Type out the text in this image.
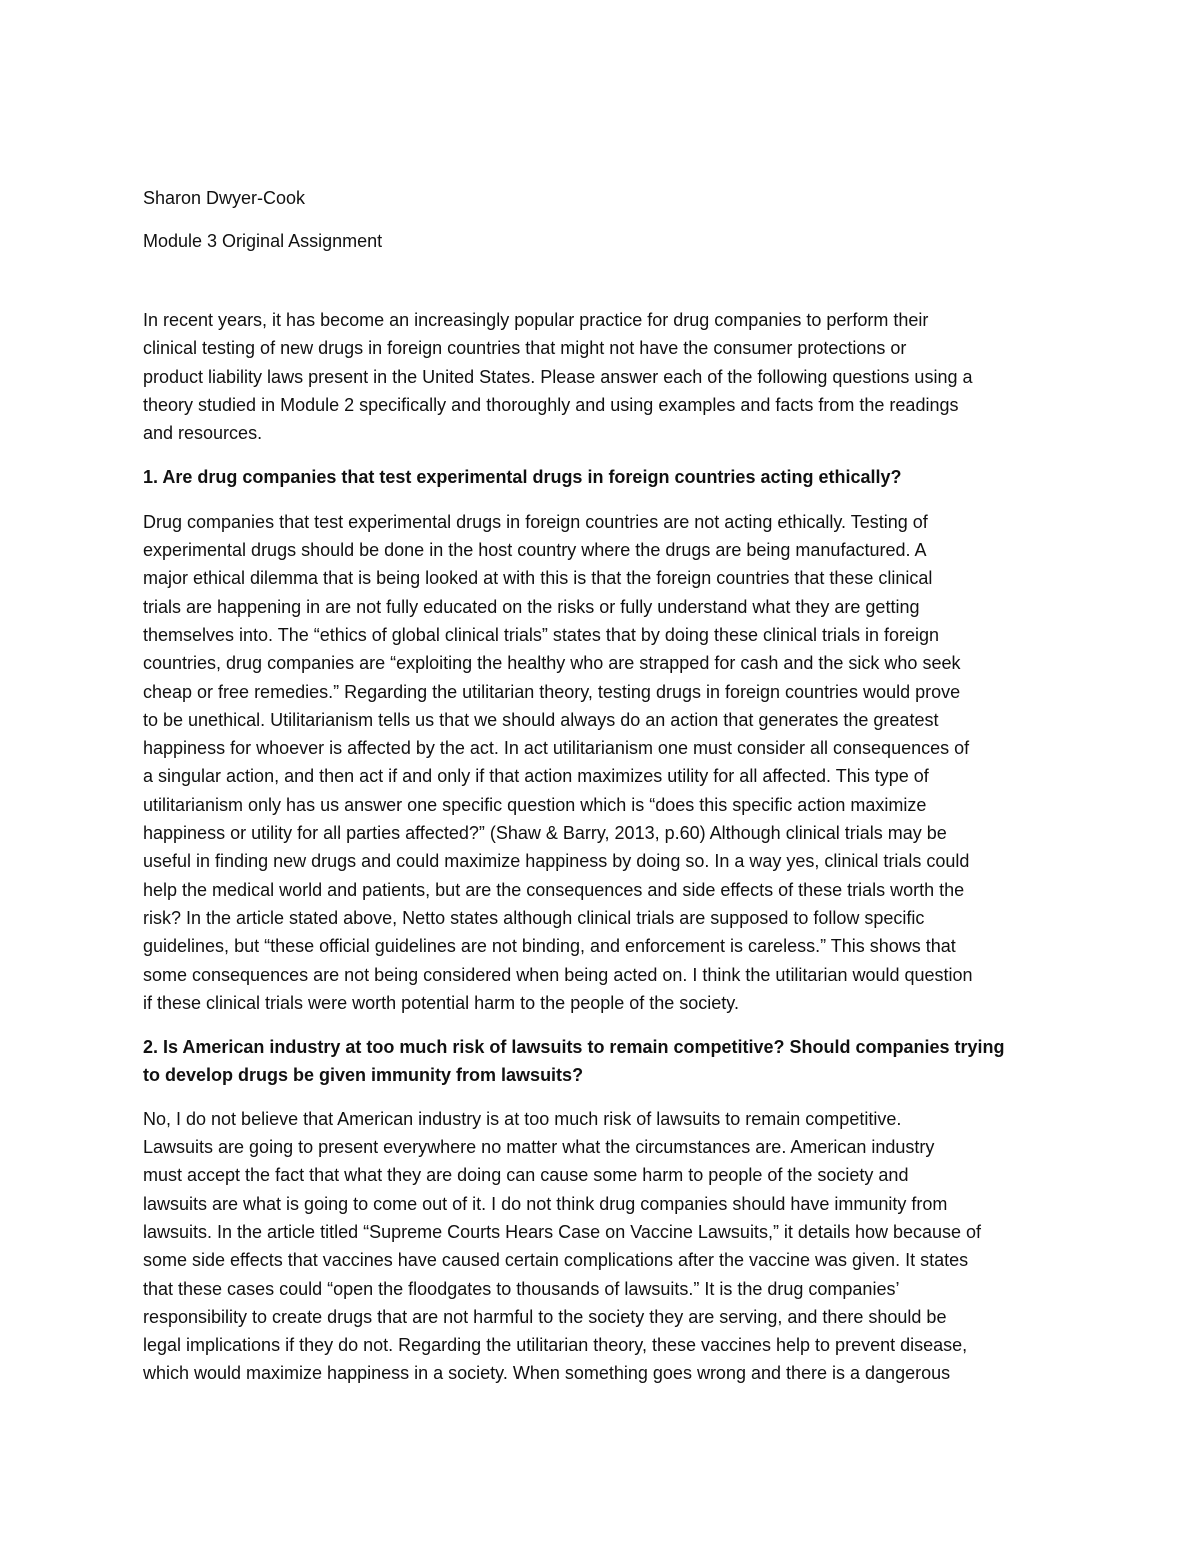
Sharon Dwyer-Cook
Module 3 Original Assignment
In recent years, it has become an increasingly popular practice for drug companies to perform their
clinical testing of new drugs in foreign countries that might not have the consumer protections or
product liability laws present in the United States. Please answer each of the following questions using a
theory studied in Module 2 specifically and thoroughly and using examples and facts from the readings
and resources.
1. Are drug companies that test experimental drugs in foreign countries acting ethically?
Drug companies that test experimental drugs in foreign countries are not acting ethically. Testing of
experimental drugs should be done in the host country where the drugs are being manufactured. A
major ethical dilemma that is being looked at with this is that the foreign countries that these clinical
trials are happening in are not fully educated on the risks or fully understand what they are getting
themselves into. The “ethics of global clinical trials” states that by doing these clinical trials in foreign
countries, drug companies are “exploiting the healthy who are strapped for cash and the sick who seek
cheap or free remedies.” Regarding the utilitarian theory, testing drugs in foreign countries would prove
to be unethical. Utilitarianism tells us that we should always do an action that generates the greatest
happiness for whoever is affected by the act. In act utilitarianism one must consider all consequences of
a singular action, and then act if and only if that action maximizes utility for all affected. This type of
utilitarianism only has us answer one specific question which is “does this specific action maximize
happiness or utility for all parties affected?” (Shaw & Barry, 2013, p.60) Although clinical trials may be
useful in finding new drugs and could maximize happiness by doing so. In a way yes, clinical trials could
help the medical world and patients, but are the consequences and side effects of these trials worth the
risk? In the article stated above, Netto states although clinical trials are supposed to follow specific
guidelines, but “these official guidelines are not binding, and enforcement is careless.” This shows that
some consequences are not being considered when being acted on. I think the utilitarian would question
if these clinical trials were worth potential harm to the people of the society.
2. Is American industry at too much risk of lawsuits to remain competitive? Should companies trying
to develop drugs be given immunity from lawsuits?
No, I do not believe that American industry is at too much risk of lawsuits to remain competitive.
Lawsuits are going to present everywhere no matter what the circumstances are. American industry
must accept the fact that what they are doing can cause some harm to people of the society and
lawsuits are what is going to come out of it. I do not think drug companies should have immunity from
lawsuits. In the article titled “Supreme Courts Hears Case on Vaccine Lawsuits,” it details how because of
some side effects that vaccines have caused certain complications after the vaccine was given. It states
that these cases could “open the floodgates to thousands of lawsuits.” It is the drug companies’
responsibility to create drugs that are not harmful to the society they are serving, and there should be
legal implications if they do not. Regarding the utilitarian theory, these vaccines help to prevent disease,
which would maximize happiness in a society. When something goes wrong and there is a dangerous
